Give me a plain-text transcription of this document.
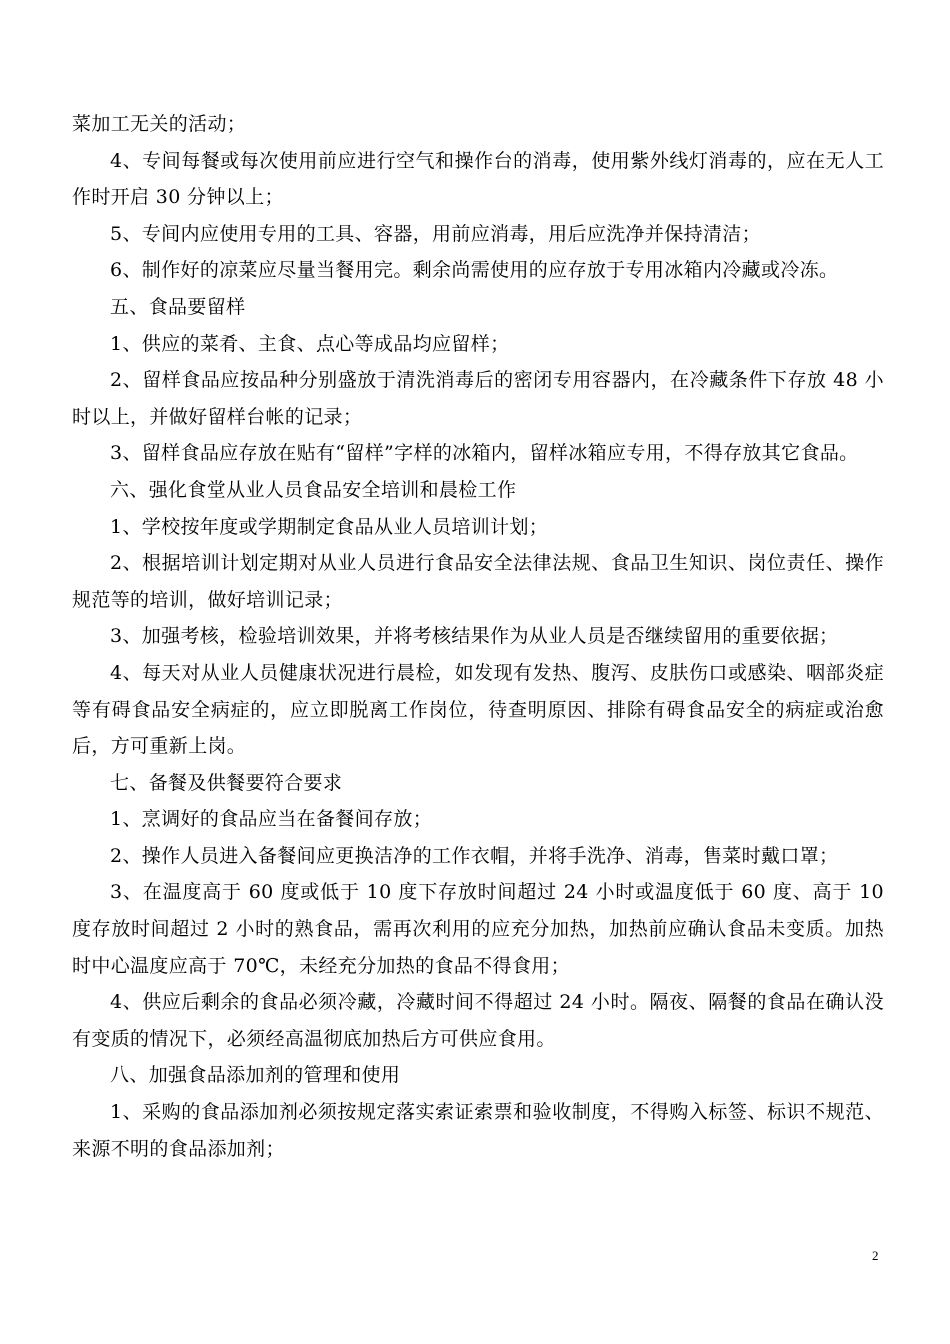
菜加工无关的活动；

4、专间每餐或每次使用前应进行空气和操作台的消毒，使用紫外线灯消毒的，应在无人工作时开启 30 分钟以上；

5、专间内应使用专用的工具、容器，用前应消毒，用后应洗净并保持清洁；

6、制作好的凉菜应尽量当餐用完。剩余尚需使用的应存放于专用冰箱内冷藏或冷冻。

五、食品要留样

1、供应的菜肴、主食、点心等成品均应留样；

2、留样食品应按品种分别盛放于清洗消毒后的密闭专用容器内，在冷藏条件下存放 48 小时以上，并做好留样台帐的记录；

3、留样食品应存放在贴有“留样”字样的冰箱内，留样冰箱应专用，不得存放其它食品。

六、强化食堂从业人员食品安全培训和晨检工作

1、学校按年度或学期制定食品从业人员培训计划；

2、根据培训计划定期对从业人员进行食品安全法律法规、食品卫生知识、岗位责任、操作规范等的培训，做好培训记录；

3、加强考核，检验培训效果，并将考核结果作为从业人员是否继续留用的重要依据；

4、每天对从业人员健康状况进行晨检，如发现有发热、腹泻、皮肤伤口或感染、咽部炎症等有碍食品安全病症的，应立即脱离工作岗位，待查明原因、排除有碍食品安全的病症或治愈后，方可重新上岗。

七、备餐及供餐要符合要求

1、烹调好的食品应当在备餐间存放；

2、操作人员进入备餐间应更换洁净的工作衣帽，并将手洗净、消毒，售菜时戴口罩；

3、在温度高于 60 度或低于 10 度下存放时间超过 24 小时或温度低于 60 度、高于 10 度存放时间超过 2 小时的熟食品，需再次利用的应充分加热，加热前应确认食品未变质。加热时中心温度应高于 70℃，未经充分加热的食品不得食用；

4、供应后剩余的食品必须冷藏，冷藏时间不得超过 24 小时。隔夜、隔餐的食品在确认没有变质的情况下，必须经高温彻底加热后方可供应食用。

八、加强食品添加剂的管理和使用

1、采购的食品添加剂必须按规定落实索证索票和验收制度，不得购入标签、标识不规范、来源不明的食品添加剂；

2
